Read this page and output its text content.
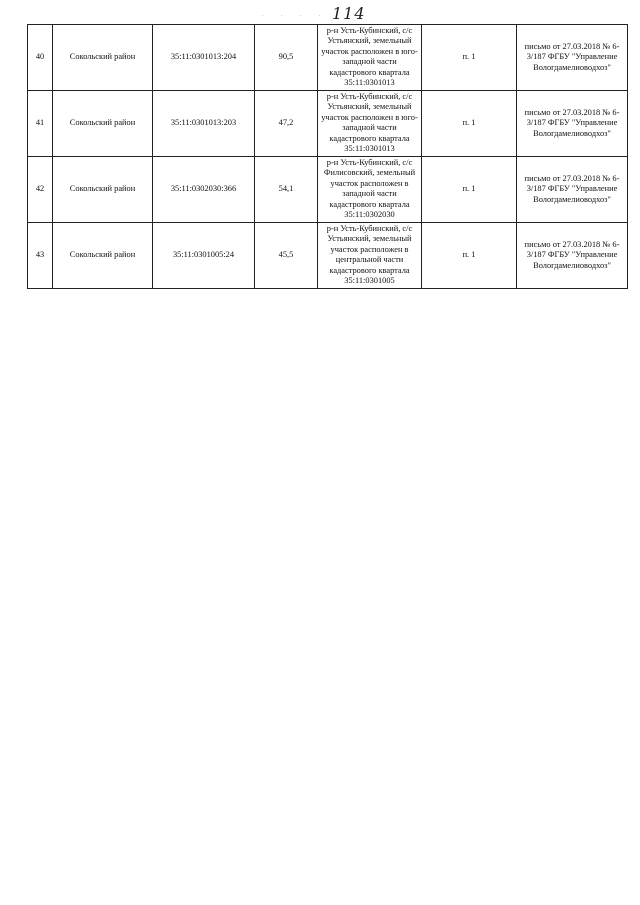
. . . . 114
40	Сокольский район	35:11:0301013:204	90,5	р-н Усть-Кубинский, с/с Устьянский, земельный участок расположен в юго-западной части кадастрового квартала 35:11:0301013	п. 1	письмо от 27.03.2018 № 6-3/187 ФГБУ "Управление Вологдамелиоводхоз"
41	Сокольский район	35:11:0301013:203	47,2	р-н Усть-Кубинский, с/с Устьянский, земельный участок расположен в юго-западной части кадастрового квартала 35:11:0301013	п. 1	письмо от 27.03.2018 № 6-3/187 ФГБУ "Управление Вологдамелиоводхоз"
42	Сокольский район	35:11:0302030:366	54,1	р-н Усть-Кубинский, с/с Филисовский, земельный участок расположен в западной части кадастрового квартала 35:11:0302030	п. 1	письмо от 27.03.2018 № 6-3/187 ФГБУ "Управление Вологдамелиоводхоз"
43	Сокольский район	35:11:0301005:24	45,5	р-н Усть-Кубинский, с/с Устьянский, земельный участок расположен в центральной части кадастрового квартала 35:11:0301005	п. 1	письмо от 27.03.2018 № 6-3/187 ФГБУ "Управление Вологдамелиоводхоз"
